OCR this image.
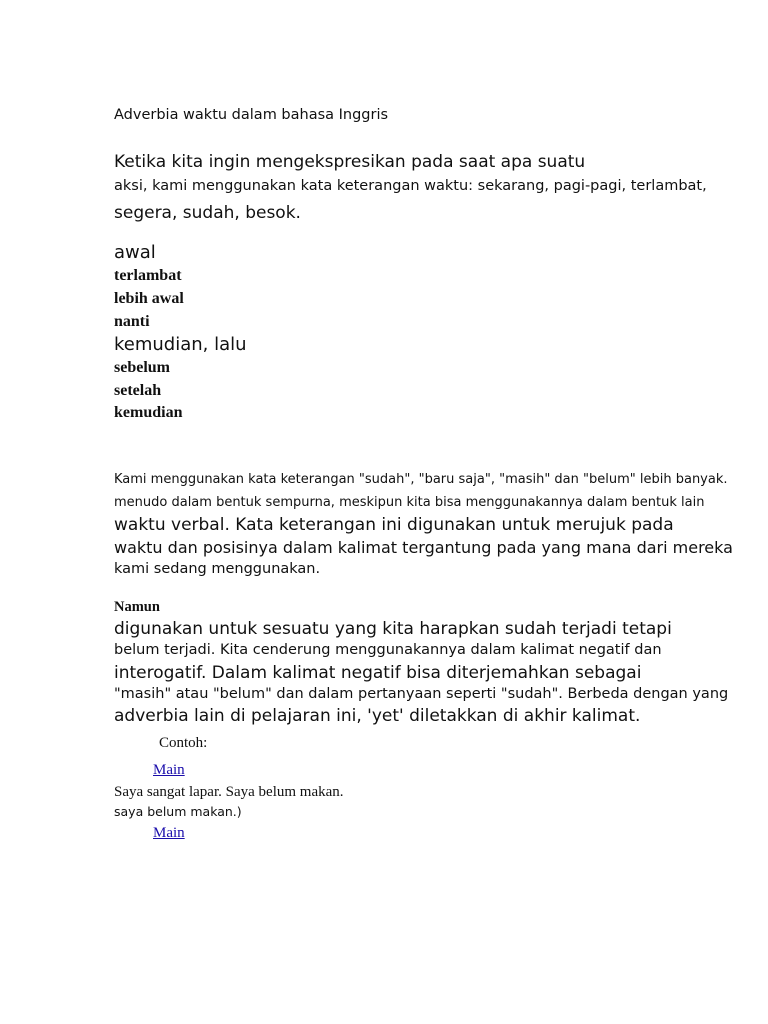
Adverbia waktu dalam bahasa Inggris
Ketika kita ingin mengekspresikan pada saat apa suatu
aksi, kami menggunakan kata keterangan waktu: sekarang, pagi-pagi, terlambat,
segera, sudah, besok.
awal
terlambat
lebih awal
nanti
kemudian, lalu
sebelum
setelah
kemudian
Kami menggunakan kata keterangan "sudah", "baru saja", "masih" dan "belum" lebih banyak.
menudo dalam bentuk sempurna, meskipun kita bisa menggunakannya dalam bentuk lain
waktu verbal. Kata keterangan ini digunakan untuk merujuk pada
waktu dan posisinya dalam kalimat tergantung pada yang mana dari mereka
kami sedang menggunakan.
Namun
digunakan untuk sesuatu yang kita harapkan sudah terjadi tetapi
belum terjadi. Kita cenderung menggunakannya dalam kalimat negatif dan
interogatif. Dalam kalimat negatif bisa diterjemahkan sebagai
"masih" atau "belum" dan dalam pertanyaan seperti "sudah". Berbeda dengan yang
adverbia lain di pelajaran ini, 'yet' diletakkan di akhir kalimat.
Contoh:
Main
Saya sangat lapar. Saya belum makan.
saya belum makan.)
Main
